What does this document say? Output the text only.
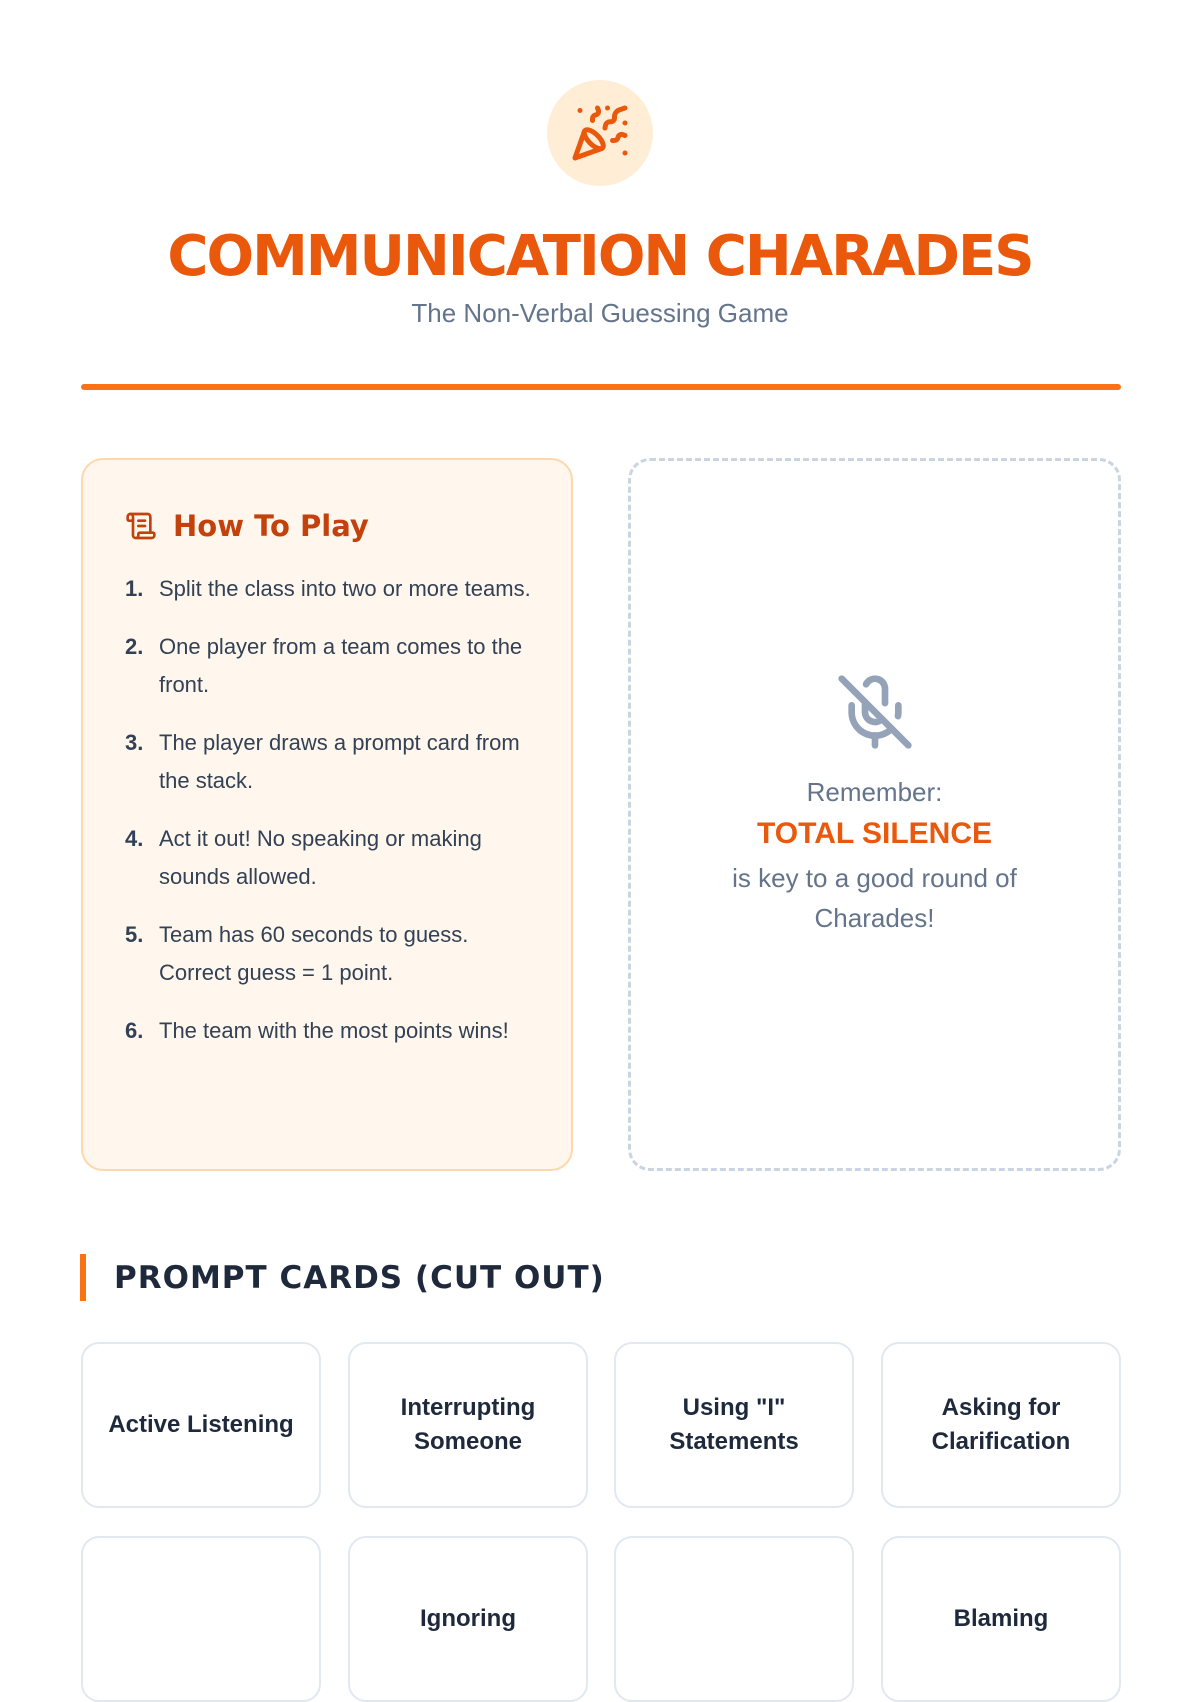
COMMUNICATION CHARADES
The Non-Verbal Guessing Game
How To Play
1. Split the class into two or more teams.
2. One player from a team comes to the front.
3. The player draws a prompt card from the stack.
4. Act it out! No speaking or making sounds allowed.
5. Team has 60 seconds to guess. Correct guess = 1 point.
6. The team with the most points wins!
Remember:
TOTAL SILENCE
is key to a good round of Charades!
PROMPT CARDS (CUT OUT)
Active Listening
Interrupting Someone
Using "I" Statements
Asking for Clarification
Ignoring	Blaming
